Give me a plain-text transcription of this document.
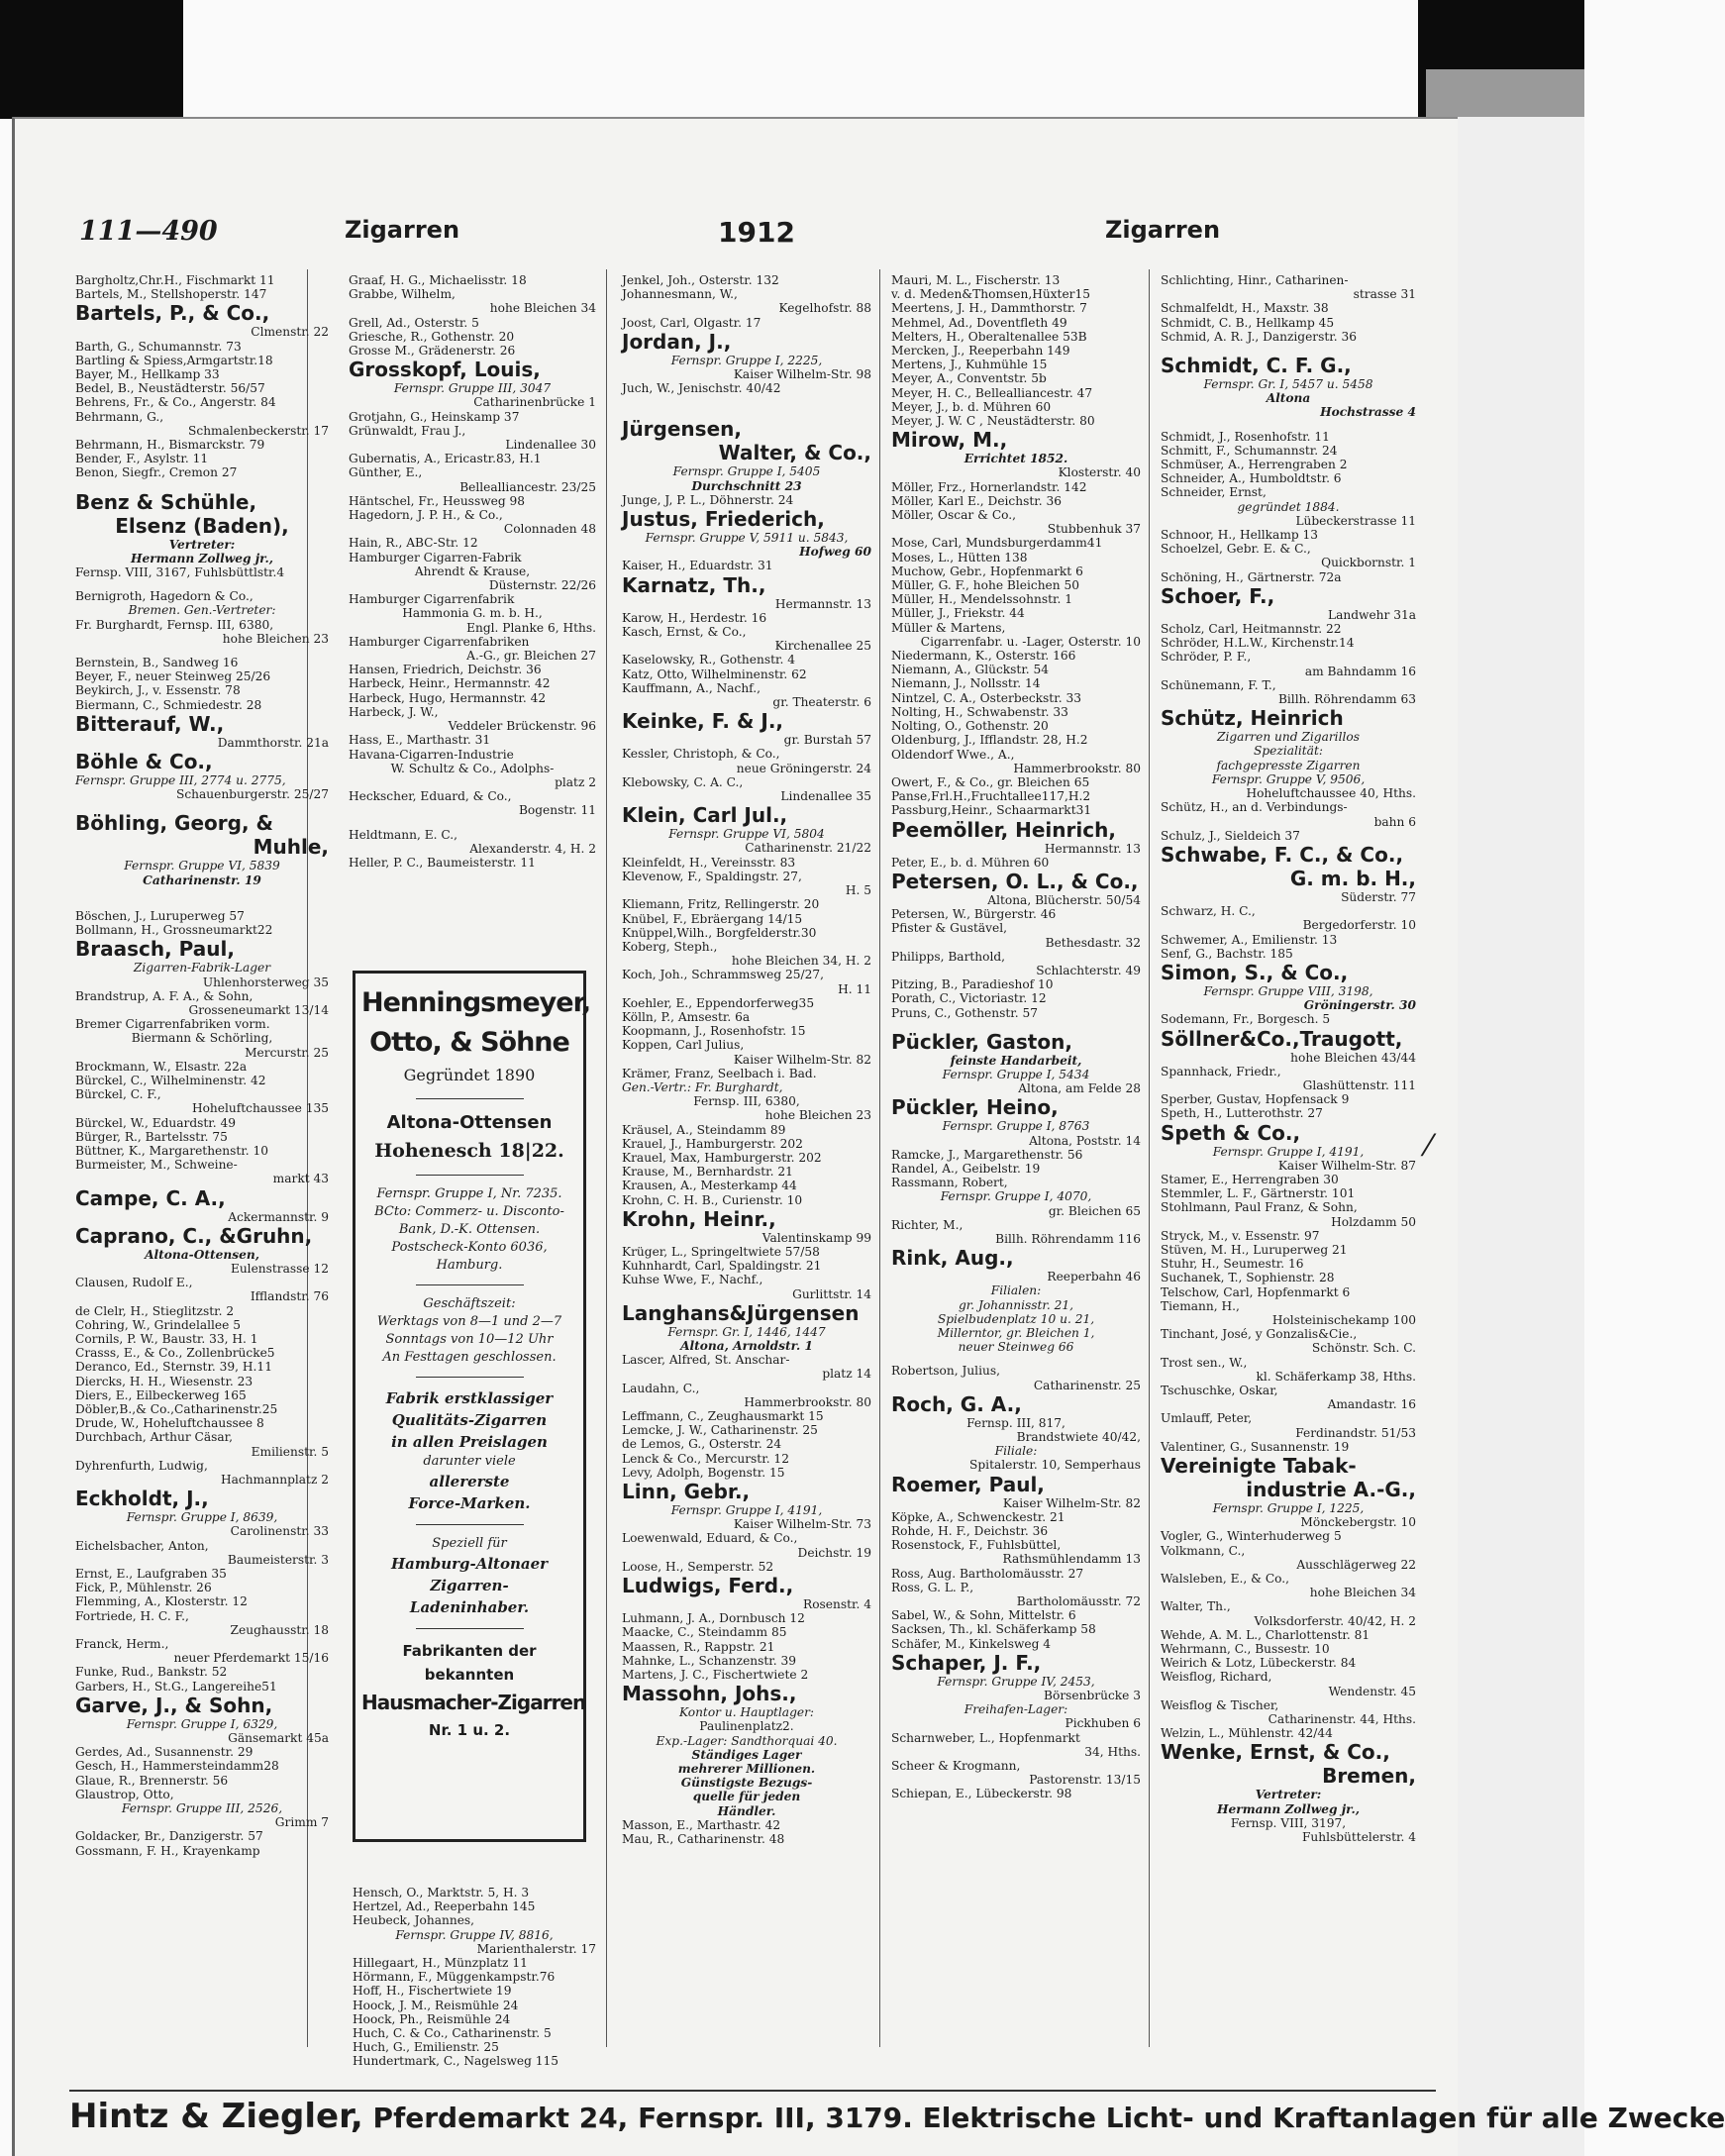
111—490	Zigarren	1912	Zigarren
Bargholtz,Chr.H., Fischmarkt 11
Bartels, M., Stellshoperstr. 147
Bartels, P., & Co.,
Clmenstr. 22
Barth, G., Schumannstr. 73
Bartling & Spiess,Armgartstr.18
Bayer, M., Hellkamp 33
Bedel, B., Neustädterstr. 56/57
Behrens, Fr., & Co., Angerstr. 84
Behrmann, G.,
Schmalenbeckerstr. 17
Behrmann, H., Bismarckstr. 79
Bender, F., Asylstr. 11
Benon, Siegfr., Cremon 27
Benz & Schühle,
Elsenz (Baden),
Vertreter:
Hermann Zollweg jr.,
Fernsp. VIII, 3167, Fuhlsbüttlstr.4
Bernigroth, Hagedorn & Co.,
Bremen. Gen.-Vertreter:
Fr. Burghardt, Fernsp. III, 6380,
hohe Bleichen 23
Bernstein, B., Sandweg 16
Beyer, F., neuer Steinweg 25/26
Beykirch, J., v. Essenstr. 78
Biermann, C., Schmiedestr. 28
Bitterauf, W.,
Dammthorstr. 21a
Böhle & Co.,
Fernspr. Gruppe III, 2774 u. 2775,
Schauenburgerstr. 25/27
Böhling, Georg, &
Muhle,
Fernspr. Gruppe VI, 5839
Catharinenstr. 19
Böschen, J., Luruperweg 57
Bollmann, H., Grossneumarkt22
Braasch, Paul,
Zigarren-Fabrik-Lager
Uhlenhorsterweg 35
Brandstrup, A. F. A., & Sohn,
Grosseneumarkt 13/14
Bremer Cigarrenfabriken vorm.
Biermann & Schörling,
Mercurstr. 25
Brockmann, W., Elsastr. 22a
Bürckel, C., Wilhelminenstr. 42
Bürckel, C. F.,
Hoheluftchaussee 135
Bürckel, W., Eduardstr. 49
Bürger, R., Bartelsstr. 75
Büttner, K., Margarethenstr. 10
Burmeister, M., Schweine-
markt 43
Campe, C. A.,
Ackermannstr. 9
Caprano, C., &Gruhn,
Altona-Ottensen,
Eulenstrasse 12
Clausen, Rudolf E.,
Ifflandstr. 76
de Clelr, H., Stieglitzstr. 2
Cohring, W., Grindelallee 5
Cornils, P. W., Baustr. 33, H. 1
Crasss, E., & Co., Zollenbrücke5
Deranco, Ed., Sternstr. 39, H.11
Diercks, H. H., Wiesenstr. 23
Diers, E., Eilbeckerweg 165
Döbler,B.,& Co.,Catharinenstr.25
Drude, W., Hoheluftchaussee 8
Durchbach, Arthur Cäsar,
Emilienstr. 5
Dyhrenfurth, Ludwig,
Hachmannplatz 2
Eckholdt, J.,
Fernspr. Gruppe I, 8639,
Carolinenstr. 33
Eichelsbacher, Anton,
Baumeisterstr. 3
Ernst, E., Laufgraben 35
Fick, P., Mühlenstr. 26
Flemming, A., Klosterstr. 12
Fortriede, H. C. F.,
Zeughausstr. 18
Franck, Herm.,
neuer Pferdemarkt 15/16
Funke, Rud., Bankstr. 52
Garbers, H., St.G., Langereihe51
Garve, J., & Sohn,
Fernspr. Gruppe I, 6329,
Gänsemarkt 45a
Gerdes, Ad., Susannenstr. 29
Gesch, H., Hammersteindamm28
Glaue, R., Brennerstr. 56
Glaustrop, Otto,
Fernspr. Gruppe III, 2526,
Grimm 7
Goldacker, Br., Danzigerstr. 57
Gossmann, F. H., Krayenkamp
Graaf, H. G., Michaelisstr. 18
Grabbe, Wilhelm,
hohe Bleichen 34
Grell, Ad., Osterstr. 5
Griesche, R., Gothenstr. 20
Grosse M., Grädenerstr. 26
Grosskopf, Louis,
Fernspr. Gruppe III, 3047
Catharinenbrücke 1
Grotjahn, G., Heinskamp 37
Grünwaldt, Frau J.,
Lindenallee 30
Gubernatis, A., Ericastr.83, H.1
Günther, E.,
Bellealliancestr. 23/25
Häntschel, Fr., Heussweg 98
Hagedorn, J. P. H., & Co.,
Colonnaden 48
Hain, R., ABC-Str. 12
Hamburger Cigarren-Fabrik
Ahrendt & Krause,
Düsternstr. 22/26
Hamburger Cigarrenfabrik
Hammonia G. m. b. H.,
Engl. Planke 6, Hths.
Hamburger Cigarrenfabriken
A.-G., gr. Bleichen 27
Hansen, Friedrich, Deichstr. 36
Harbeck, Heinr., Hermannstr. 42
Harbeck, Hugo, Hermannstr. 42
Harbeck, J. W.,
Veddeler Brückenstr. 96
Hass, E., Marthastr. 31
Havana-Cigarren-Industrie
W. Schultz & Co., Adolphs-
platz 2
Heckscher, Eduard, & Co.,
Bogenstr. 11
Heldtmann, E. C.,
Alexanderstr. 4, H. 2
Heller, P. C., Baumeisterstr. 11
Jenkel, Joh., Osterstr. 132
Johannesmann, W.,
Kegelhofstr. 88
Joost, Carl, Olgastr. 17
Jordan, J.,
Fernspr. Gruppe I, 2225,
Kaiser Wilhelm-Str. 98
Juch, W., Jenischstr. 40/42
Jürgensen,
Walter, & Co.,
Fernspr. Gruppe I, 5405
Durchschnitt 23
Junge, J, P. L., Döhnerstr. 24
Justus, Friederich,
Fernspr. Gruppe V, 5911 u. 5843,
Hofweg 60
Kaiser, H., Eduardstr. 31
Karnatz, Th.,
Hermannstr. 13
Karow, H., Herdestr. 16
Kasch, Ernst, & Co.,
Kirchenallee 25
Kaselowsky, R., Gothenstr. 4
Katz, Otto, Wilhelminenstr. 62
Kauffmann, A., Nachf.,
gr. Theaterstr. 6
Keinke, F. & J.,
gr. Burstah 57
Kessler, Christoph, & Co.,
neue Gröningerstr. 24
Klebowsky, C. A. C.,
Lindenallee 35
Klein, Carl Jul.,
Fernspr. Gruppe VI, 5804
Catharinenstr. 21/22
Kleinfeldt, H., Vereinsstr. 83
Klevenow, F., Spaldingstr. 27,
H. 5
Kliemann, Fritz, Rellingerstr. 20
Knübel, F., Ebräergang 14/15
Knüppel,Wilh., Borgfelderstr.30
Koberg, Steph.,
hohe Bleichen 34, H. 2
Koch, Joh., Schrammsweg 25/27,
H. 11
Koehler, E., Eppendorferweg35
Kölln, P., Amsestr. 6a
Koopmann, J., Rosenhofstr. 15
Koppen, Carl Julius,
Kaiser Wilhelm-Str. 82
Krämer, Franz, Seelbach i. Bad.
Gen.-Vertr.: Fr. Burghardt,
Fernsp. III, 6380,
hohe Bleichen 23
Kräusel, A., Steindamm 89
Krauel, J., Hamburgerstr. 202
Krauel, Max, Hamburgerstr. 202
Krause, M., Bernhardstr. 21
Krausen, A., Mesterkamp 44
Krohn, C. H. B., Curienstr. 10
Krohn, Heinr.,
Valentinskamp 99
Krüger, L., Springeltwiete 57/58
Kuhnhardt, Carl, Spaldingstr. 21
Kuhse Wwe, F., Nachf.,
Gurlittstr. 14
Langhans&Jürgensen
Fernspr. Gr. I, 1446, 1447
Altona, Arnoldstr. 1
Lascer, Alfred, St. Anschar-
platz 14
Laudahn, C.,
Hammerbrookstr. 80
Leffmann, C., Zeughausmarkt 15
Lemcke, J. W., Catharinenstr. 25
de Lemos, G., Osterstr. 24
Lenck & Co., Mercurstr. 12
Levy, Adolph, Bogenstr. 15
Linn, Gebr.,
Fernspr. Gruppe I, 4191,
Kaiser Wilhelm-Str. 73
Loewenwald, Eduard, & Co.,
Deichstr. 19
Loose, H., Semperstr. 52
Ludwigs, Ferd.,
Rosenstr. 4
Luhmann, J. A., Dornbusch 12
Maacke, C., Steindamm 85
Maassen, R., Rappstr. 21
Mahnke, L., Schanzenstr. 39
Martens, J. C., Fischertwiete 2
Massohn, Johs.,
Kontor u. Hauptlager:
Paulinenplatz2.
Exp.-Lager: Sandthorquai 40.
Ständiges Lager
mehrerer Millionen.
Günstigste Bezugs-
quelle für jeden
Händler.
Masson, E., Marthastr. 42
Mau, R., Catharinenstr. 48
Mauri, M. L., Fischerstr. 13
v. d. Meden&Thomsen,Hüxter15
Meertens, J. H., Dammthorstr. 7
Mehmel, Ad., Doventfleth 49
Melters, H., Oberaltenallee 53B
Mercken, J., Reeperbahn 149
Mertens, J., Kuhmühle 15
Meyer, A., Conventstr. 5b
Meyer, H. C., Bellealliancestr. 47
Meyer, J., b. d. Mühren 60
Meyer, J. W. C , Neustädterstr. 80
Mirow, M.,
Errichtet 1852.
Klosterstr. 40
Möller, Frz., Hornerlandstr. 142
Möller, Karl E., Deichstr. 36
Möller, Oscar & Co.,
Stubbenhuk 37
Mose, Carl, Mundsburgerdamm41
Moses, L., Hütten 138
Muchow, Gebr., Hopfenmarkt 6
Müller, G. F., hohe Bleichen 50
Müller, H., Mendelssohnstr. 1
Müller, J., Friekstr. 44
Müller & Martens,
Cigarrenfabr. u. -Lager, Osterstr. 10
Niedermann, K., Osterstr. 166
Niemann, A., Glückstr. 54
Niemann, J., Nollsstr. 14
Nintzel, C. A., Osterbeckstr. 33
Nolting, H., Schwabenstr. 33
Nolting, O., Gothenstr. 20
Oldenburg, J., Ifflandstr. 28, H.2
Oldendorf Wwe., A.,
Hammerbrookstr. 80
Owert, F., & Co., gr. Bleichen 65
Panse,Frl.H.,Fruchtallee117,H.2
Passburg,Heinr., Schaarmarkt31
Peemöller, Heinrich,
Hermannstr. 13
Peter, E., b. d. Mühren 60
Petersen, O. L., & Co.,
Altona, Blücherstr. 50/54
Petersen, W., Bürgerstr. 46
Pfister & Gustävel,
Bethesdastr. 32
Philipps, Barthold,
Schlachterstr. 49
Pitzing, B., Paradieshof 10
Porath, C., Victoriastr. 12
Pruns, C., Gothenstr. 57
Pückler, Gaston,
feinste Handarbeit,
Fernspr. Gruppe I, 5434
Altona, am Felde 28
Pückler, Heino,
Fernspr. Gruppe I, 8763
Altona, Poststr. 14
Ramcke, J., Margarethenstr. 56
Randel, A., Geibelstr. 19
Rassmann, Robert,
Fernspr. Gruppe I, 4070,
gr. Bleichen 65
Richter, M.,
Billh. Röhrendamm 116
Rink, Aug.,
Reeperbahn 46
Filialen:
gr. Johannisstr. 21,
Spielbudenplatz 10 u. 21,
Millerntor, gr. Bleichen 1,
neuer Steinweg 66
Robertson, Julius,
Catharinenstr. 25
Roch, G. A.,
Fernsp. III, 817,
Brandstwiete 40/42,
Filiale:
Spitalerstr. 10, Semperhaus
Roemer, Paul,
Kaiser Wilhelm-Str. 82
Köpke, A., Schwenckestr. 21
Rohde, H. F., Deichstr. 36
Rosenstock, F., Fuhlsbüttel,
Rathsmühlendamm 13
Ross, Aug. Bartholomäusstr. 27
Ross, G. L. P.,
Bartholomäusstr. 72
Sabel, W., & Sohn, Mittelstr. 6
Sacksen, Th., kl. Schäferkamp 58
Schäfer, M., Kinkelsweg 4
Schaper, J. F.,
Fernspr. Gruppe IV, 2453,
Börsenbrücke 3
Freihafen-Lager:
Pickhuben 6
Scharnweber, L., Hopfenmarkt
34, Hths.
Scheer & Krogmann,
Pastorenstr. 13/15
Schiepan, E., Lübeckerstr. 98
Schlichting, Hinr., Catharinen-
strasse 31
Schmalfeldt, H., Maxstr. 38
Schmidt, C. B., Hellkamp 45
Schmid, A. R. J., Danzigerstr. 36
Schmidt, C. F. G.,
Fernspr. Gr. I, 5457 u. 5458
Altona
Hochstrasse 4
Schmidt, J., Rosenhofstr. 11
Schmitt, F., Schumannstr. 24
Schmüser, A., Herrengraben 2
Schneider, A., Humboldtstr. 6
Schneider, Ernst,
gegründet 1884.
Lübeckerstrasse 11
Schnoor, H., Hellkamp 13
Schoelzel, Gebr. E. & C.,
Quickbornstr. 1
Schöning, H., Gärtnerstr. 72a
Schoer, F.,
Landwehr 31a
Scholz, Carl, Heitmannstr. 22
Schröder, H.L.W., Kirchenstr.14
Schröder, P. F.,
am Bahndamm 16
Schünemann, F. T.,
Billh. Röhrendamm 63
Schütz, Heinrich
Zigarren und Zigarillos
Spezialität:
fachgepresste Zigarren
Fernspr. Gruppe V, 9506,
Hoheluftchaussee 40, Hths.
Schütz, H., an d. Verbindungs-
bahn 6
Schulz, J., Sieldeich 37
Schwabe, F. C., & Co.,
G. m. b. H.,
Süderstr. 77
Schwarz, H. C.,
Bergedorferstr. 10
Schwemer, A., Emilienstr. 13
Senf, G., Bachstr. 185
Simon, S., & Co.,
Fernspr. Gruppe VIII, 3198,
Gröningerstr. 30
Sodemann, Fr., Borgesch. 5
Söllner&Co.,Traugott,
hohe Bleichen 43/44
Spannhack, Friedr.,
Glashüttenstr. 111
Sperber, Gustav, Hopfensack 9
Speth, H., Lutterothstr. 27
Speth & Co.,
Fernspr. Gruppe I, 4191,
Kaiser Wilhelm-Str. 87
Stamer, E., Herrengraben 30
Stemmler, L. F., Gärtnerstr. 101
Stohlmann, Paul Franz, & Sohn,
Holzdamm 50
Stryck, M., v. Essenstr. 97
Stüven, M. H., Luruperweg 21
Stuhr, H., Seumestr. 16
Suchanek, T., Sophienstr. 28
Telschow, Carl, Hopfenmarkt 6
Tiemann, H.,
Holsteinischekamp 100
Tinchant, José, y Gonzalis&Cie.,
Schönstr. Sch. C.
Trost sen., W.,
kl. Schäferkamp 38, Hths.
Tschuschke, Oskar,
Amandastr. 16
Umlauff, Peter,
Ferdinandstr. 51/53
Valentiner, G., Susannenstr. 19
Vereinigte Tabak-
industrie A.-G.,
Fernspr. Gruppe I, 1225,
Mönckebergstr. 10
Vogler, G., Winterhuderweg 5
Volkmann, C.,
Ausschlägerweg 22
Walsleben, E., & Co.,
hohe Bleichen 34
Walter, Th.,
Volksdorferstr. 40/42, H. 2
Wehde, A. M. L., Charlottenstr. 81
Wehrmann, C., Bussestr. 10
Weirich & Lotz, Lübeckerstr. 84
Weisflog, Richard,
Wendenstr. 45
Weisflog & Tischer,
Catharinenstr. 44, Hths.
Welzin, L., Mühlenstr. 42/44
Wenke, Ernst, & Co.,
Bremen,
Vertreter:
Hermann Zollweg jr.,
Fernsp. VIII, 3197,
Fuhlsbüttelerstr. 4
Hensch, O., Marktstr. 5, H. 3
Hertzel, Ad., Reeperbahn 145
Heubeck, Johannes,
Fernspr. Gruppe IV, 8816,
Marienthalerstr. 17
Hillegaart, H., Münzplatz 11
Hörmann, F., Müggenkampstr.76
Hoff, H., Fischertwiete 19
Hoock, J. M., Reismühle 24
Hoock, Ph., Reismühle 24
Huch, C. & Co., Catharinenstr. 5
Huch, G., Emilienstr. 25
Hundertmark, C., Nagelsweg 115
Henningsmeyer,
Otto, & Söhne
Gegründet 1890
Altona-Ottensen
Hohenesch 18|22.
Fernspr. Gruppe I, Nr. 7235.
BCto: Commerz- u. Disconto-
Bank, D.-K. Ottensen.
Postscheck-Konto 6036,
Hamburg.
Geschäftszeit:
Werktags von 8—1 und 2—7
Sonntags von 10—12 Uhr
An Festtagen geschlossen.
Fabrik erstklassiger
Qualitäts-Zigarren
in allen Preislagen
darunter viele
allererste
Force-Marken.
Speziell für
Hamburg-Altonaer
Zigarren-
Ladeninhaber.
Fabrikanten der
bekannten
Hausmacher-Zigarren
Nr. 1 u. 2.
⁄
Hintz & Ziegler, Pferdemarkt 24, Fernspr. III, 3179. Elektrische Licht- und Kraftanlagen für alle Zwecke
